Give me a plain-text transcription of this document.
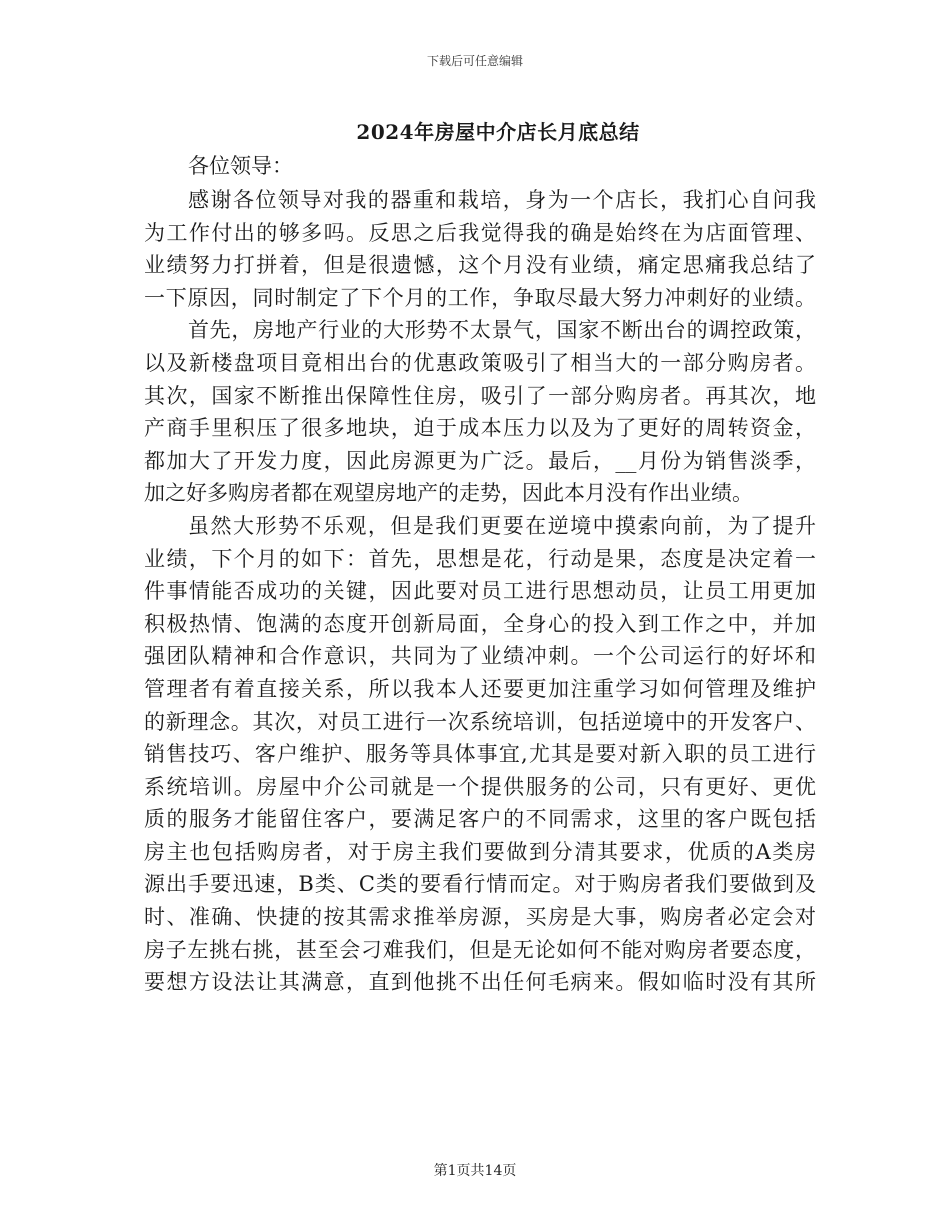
下载后可任意编辑
2024年房屋中介店长月底总结
各位领导：

感谢各位领导对我的器重和栽培，身为一个店长，我扪心自问我
为工作付出的够多吗。反思之后我觉得我的确是始终在为店面管理、
业绩努力打拼着，但是很遗憾，这个月没有业绩，痛定思痛我总结了
一下原因，同时制定了下个月的工作，争取尽最大努力冲刺好的业绩。

首先，房地产行业的大形势不太景气，国家不断出台的调控政策，
以及新楼盘项目竟相出台的优惠政策吸引了相当大的一部分购房者。
其次，国家不断推出保障性住房，吸引了一部分购房者。再其次，地
产商手里积压了很多地块，迫于成本压力以及为了更好的周转资金，
都加大了开发力度，因此房源更为广泛。最后，__月份为销售淡季，
加之好多购房者都在观望房地产的走势，因此本月没有作出业绩。

虽然大形势不乐观，但是我们更要在逆境中摸索向前，为了提升
业绩，下个月的如下：首先，思想是花，行动是果，态度是决定着一
件事情能否成功的关键，因此要对员工进行思想动员，让员工用更加
积极热情、饱满的态度开创新局面，全身心的投入到工作之中，并加
强团队精神和合作意识，共同为了业绩冲刺。一个公司运行的好坏和
管理者有着直接关系，所以我本人还要更加注重学习如何管理及维护
的新理念。其次，对员工进行一次系统培训，包括逆境中的开发客户、
销售技巧、客户维护、服务等具体事宜,尤其是要对新入职的员工进行
系统培训。房屋中介公司就是一个提供服务的公司，只有更好、更优
质的服务才能留住客户，要满足客户的不同需求，这里的客户既包括
房主也包括购房者，对于房主我们要做到分清其要求，优质的A类房
源出手要迅速，B类、C类的要看行情而定。对于购房者我们要做到及
时、准确、快捷的按其需求推举房源，买房是大事，购房者必定会对
房子左挑右挑，甚至会刁难我们，但是无论如何不能对购房者要态度，
要想方设法让其满意，直到他挑不出任何毛病来。假如临时没有其所

第1页共14页
